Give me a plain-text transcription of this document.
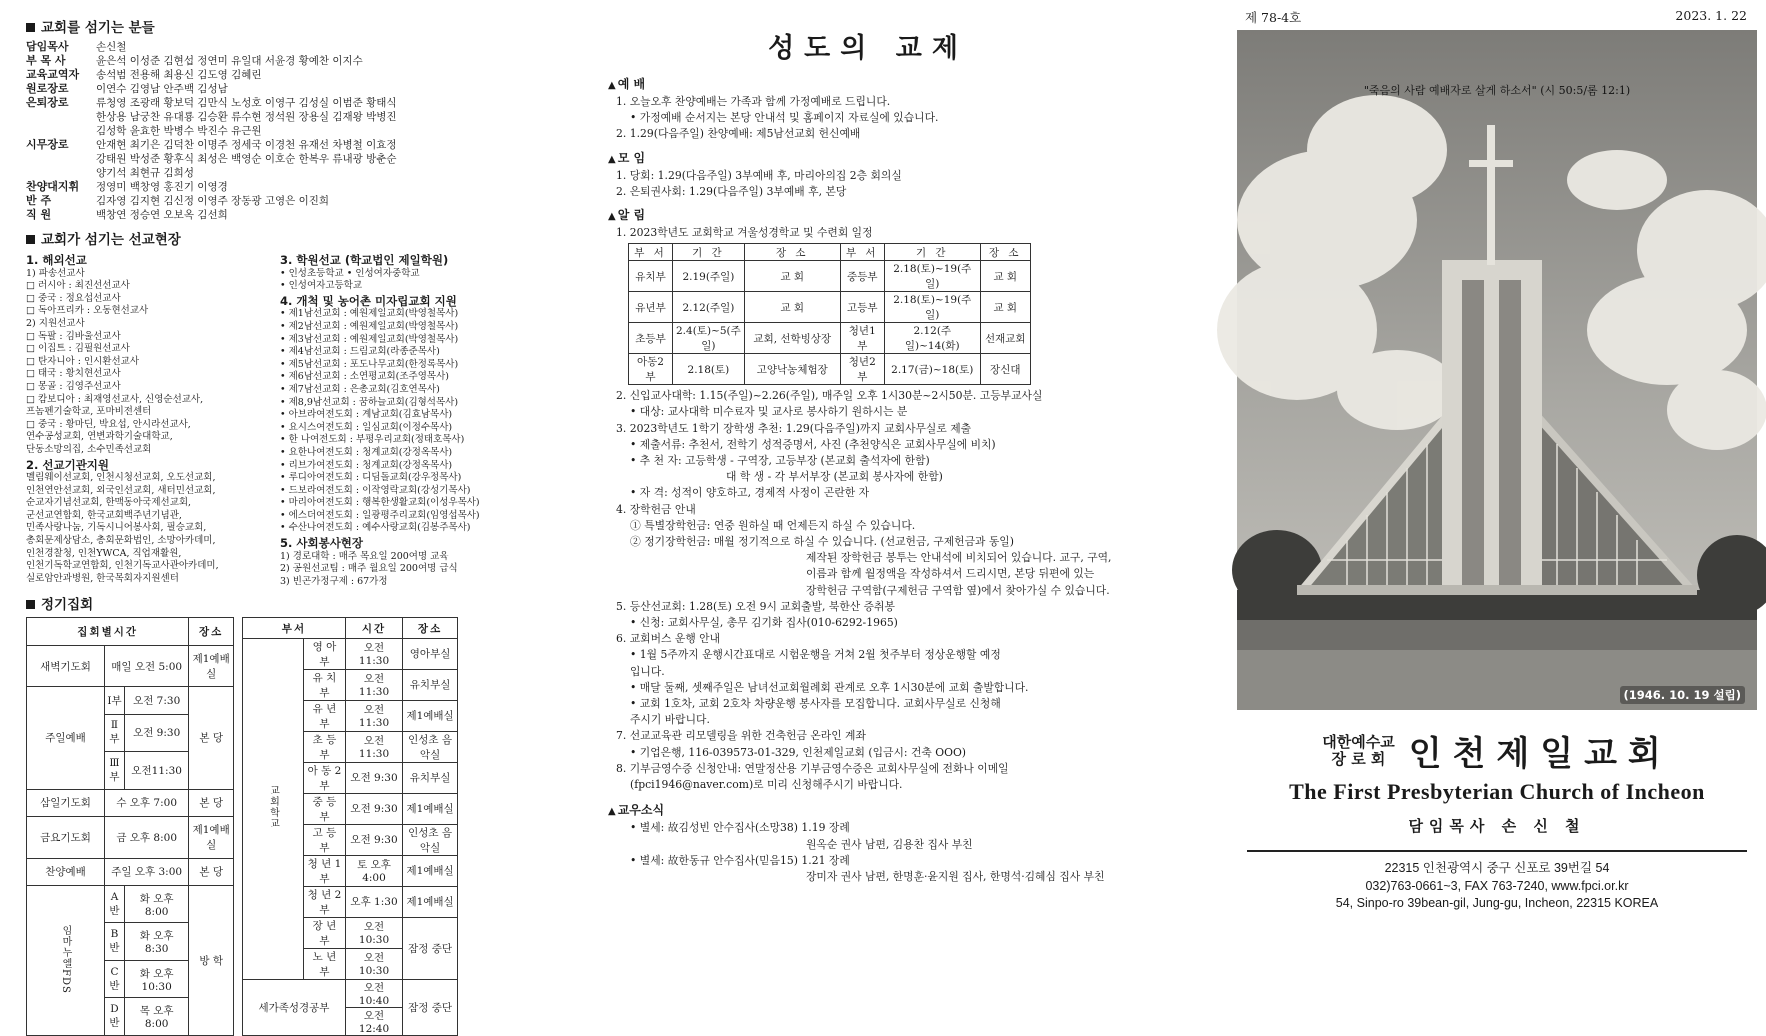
교회를 섬기는 분들
담임목사	손신철
부 목 사	윤은석 이성준 김현섭 정연미 유일대 서윤경 황예찬 이지수
교육교역자	송석범 전용해 최용신 김도영 김혜린
원로장로	이연수 김영남 안주백 김성남
은퇴장로	류청영 조광래 황보덕 김만식 노성호 이영구 김성실 이범준 황태식
한상용 남궁찬 유대룡 김승환 류수현 정석원 장용실 김재왕 박병진
김성학 윤효한 박병수 박진수 유근원
시무장로	안재현 최기은 김덕찬 이명주 정세국 이경천 유재선 차병철 이효정
강태원 박성준 황후식 최성은 백영순 이호순 한복우 류내광 방춘순
양기석 최현규 김희성
찬양대지휘	정영미 백창영 홍진기 이영경
반 주	김자영 김지현 김신정 이영주 장동광 고영은 이진희
직 원	백창연 정승연 오보옥 김선희
교회가 섬기는 선교현장
1. 해외선교
1) 파송선교사
□ 러시아 : 최진선선교사
□ 중국 : 정요섭선교사
□ 독아프리카 : 오동현선교사
2) 지원선교사
□ 독팔 : 김바울선교사
□ 이집트 : 김필원선교사
□ 탄자니아 : 인시환선교사
□ 태국 : 황치현선교사
□ 몽골 : 김영주선교사
□ 캄보디아 : 최재영선교사, 신영순선교사,
프놈펜기술학교, 포마비전센터
□ 중국 : 황마딘, 박요섭, 안시라선교사,
연수공성교회, 연변과학기술대학교,
단동소망의집, 소수민족선교회
2. 선교기관지원
멜림웨이선교회, 인천시청선교회, 오도선교회,
인천연안선교회, 외국인선교회, 새터민선교회,
순교자기념선교회, 한맥동아국제선교회,
군선교연합회, 한국교회백주년기념관,
민족사랑나눔, 기독시니어봉사회, 필승교회,
총회문제상담소, 총회문화법인, 소망아카데미,
인천경찰청, 인천YWCA, 직업재활원,
인천기독학교연합회, 인천기독교사관아카데미,
실로암안과병원, 한국목회자지원센터
3. 학원선교 (학교법인 제일학원)
• 인성초등학교 • 인성여자중학교
• 인성여자고등학교
4. 개척 및 농어촌 미자립교회 지원
• 제1남선교회 : 예원제일교회(박영철목사)
• 제2남선교회 : 예원제일교회(박영철목사)
• 제3남선교회 : 예원제일교회(박영철목사)
• 제4남선교회 : 드림교회(라종준목사)
• 제5남선교회 : 포도나무교회(한정록목사)
• 제6남선교회 : 소연평교회(조주영목사)
• 제7남선교회 : 은총교회(김호연목사)
• 제8,9남선교회 : 꿈하늘교회(김형석목사)
• 아브라여전도회 : 계남교회(김효남목사)
• 요시스여전도회 : 일심교회(이정수목사)
• 한 나여전도회 : 부평우리교회(정태호목사)
• 요한나여전도회 : 청계교회(강정옥목사)
• 리브가여전도회 : 청계교회(강정옥목사)
• 루디아여전도회 : 디딤돌교회(강우정목사)
• 드보라여전도회 : 이작영락교회(강성기목사)
• 마리아여전도회 : 행복한생활교회(이성우목사)
• 에스더여전도회 : 일광평주리교회(임영섭목사)
• 수산나여전도회 : 예수사랑교회(김봉주목사)
5. 사회봉사현장
1) 경로대학 : 매주 목요일 200여명 교육
2) 공원선교팀 : 매주 월요일 200여명 급식
3) 빈곤가정구제 : 67가정
정기집회
집회별시간			장소
새벽기도회	매일 오전 5:00		제1예배실
주일예배	Ⅰ부	오전 7:30	본 당
	Ⅱ부	오전 9:30	
	Ⅲ부	오전11:30	
삼일기도회	수 오후 7:00		본 당
금요기도회	금 오후 8:00		제1예배실
찬양예배	주일 오후 3:00		본 당
임마누엘FDS	A반	화 오후 8:00	방 학
	B반	화 오후 8:30	
	C반	화 오후 10:30	
	D반	목 오후 8:00	
부서		시간	장소
교회학교	영 아 부	오전 11:30	영아부실
	유 치 부	오전 11:30	유치부실
	유 년 부	오전 11:30	제1예배실
	초 등 부	오전 11:30	인성초 음악실
	아 동 2 부	오전 9:30	유치부실
	중 등 부	오전 9:30	제1예배실
	고 등 부	오전 9:30	인성초 음악실
	청 년 1 부	토 오후 4:00	제1예배실
	청 년 2 부	오후 1:30	제1예배실
	장 년 부	오전 10:30	잠정 중단
	노 년 부	오전 10:30	
세가족성경공부		오전 10:40	잠정 중단
		오전 12:40	
성도의 교제
▲ 예 배
1. 오늘오후 찬양예배는 가족과 함께 가정예배로 드립니다.
• 가정예배 순서지는 본당 안내석 및 홈페이지 자료실에 있습니다.
2. 1.29(다음주일) 찬양예배: 제5남선교회 헌신예배
▲ 모 임
1. 당회: 1.29(다음주일) 3부예배 후, 마리아의집 2층 회의실
2. 은퇴권사회: 1.29(다음주일) 3부예배 후, 본당
▲ 알 림
1. 2023학년도 교회학교 겨울성경학교 및 수련회 일정
부 서	기 간	장 소	부 서	기 간	장 소
유치부	2.19(주일)	교 회	중등부	2.18(토)~19(주일)	교 회
유년부	2.12(주일)	교 회	고등부	2.18(토)~19(주일)	교 회
초등부	2.4(토)~5(주일)	교회, 선학빙상장	청년1부	2.12(주일)~14(화)	선재교회
아동2부	2.18(토)	고양낙농체험장	청년2부	2.17(금)~18(토)	장신대
2. 신입교사대학: 1.15(주일)~2.26(주일), 매주일 오후 1시30분~2시50분. 고등부교사실
• 대상: 교사대학 미수료자 및 교사로 봉사하기 원하시는 분
3. 2023학년도 1학기 장학생 추천: 1.29(다음주일)까지 교회사무실로 제출
• 제출서류: 추천서, 전학기 성적증명서, 사진 (추천양식은 교회사무실에 비치)
• 추 천 자: 고등학생 - 구역장, 고등부장 (본교회 출석자에 한함)
대 학 생 - 각 부서부장 (본교회 봉사자에 한함)
• 자 격: 성적이 양호하고, 경제적 사정이 곤란한 자
4. 장학헌금 안내
① 특별장학헌금: 연중 원하실 때 언제든지 하실 수 있습니다.
② 정기장학헌금: 매월 정기적으로 하실 수 있습니다. (선교헌금, 구제헌금과 동일)
제작된 장학헌금 봉투는 안내석에 비치되어 있습니다. 교구, 구역,
이름과 함께 월정액을 작성하셔서 드리시면, 본당 뒤편에 있는
장학헌금 구역함(구제헌금 구역함 옆)에서 찾아가실 수 있습니다.
5. 등산선교회: 1.28(토) 오전 9시 교회출발, 북한산 증취봉
• 신청: 교회사무실, 총무 김기화 집사(010-6292-1965)
6. 교회버스 운행 안내
• 1월 5주까지 운행시간표대로 시험운행을 거쳐 2월 첫주부터 정상운행할 예정
입니다.
• 매달 둘째, 셋째주일은 남녀선교회월례회 관계로 오후 1시30분에 교회 출발합니다.
• 교회 1호차, 교회 2호차 차량운행 봉사자를 모집합니다. 교회사무실로 신청해
주시기 바랍니다.
7. 선교교육관 리모델링을 위한 건축헌금 온라인 계좌
• 기업은행, 116-039573-01-329, 인천제일교회 (입금시: 건축 OOO)
8. 기부금영수증 신청안내: 연말정산용 기부금영수증은 교회사무실에 전화나 이메일
(fpci1946@naver.com)로 미리 신청해주시기 바랍니다.
▲ 교우소식
• 별세: 故김성빈 안수집사(소망38) 1.19 장례
원옥순 권사 남편, 김용찬 집사 부친
• 별세: 故한동규 안수집사(믿음15) 1.21 장례
장미자 권사 남편, 한명훈·윤지원 집사, 한명석·김혜심 집사 부친
제 78-4호	2023. 1. 22
"죽음의 사람 예배자로 살게 하소서" (시 50:5/롬 12:1)
(1946. 10. 19 설립)
대한예수교
장 로 회 인천제일교회
The First Presbyterian Church of Incheon
담임목사 손 신 철
22315 인천광역시 중구 신포로 39번길 54
032)763-0661~3, FAX 763-7240, www.fpci.or.kr
54, Sinpo-ro 39bean-gil, Jung-gu, Incheon, 22315 KOREA
